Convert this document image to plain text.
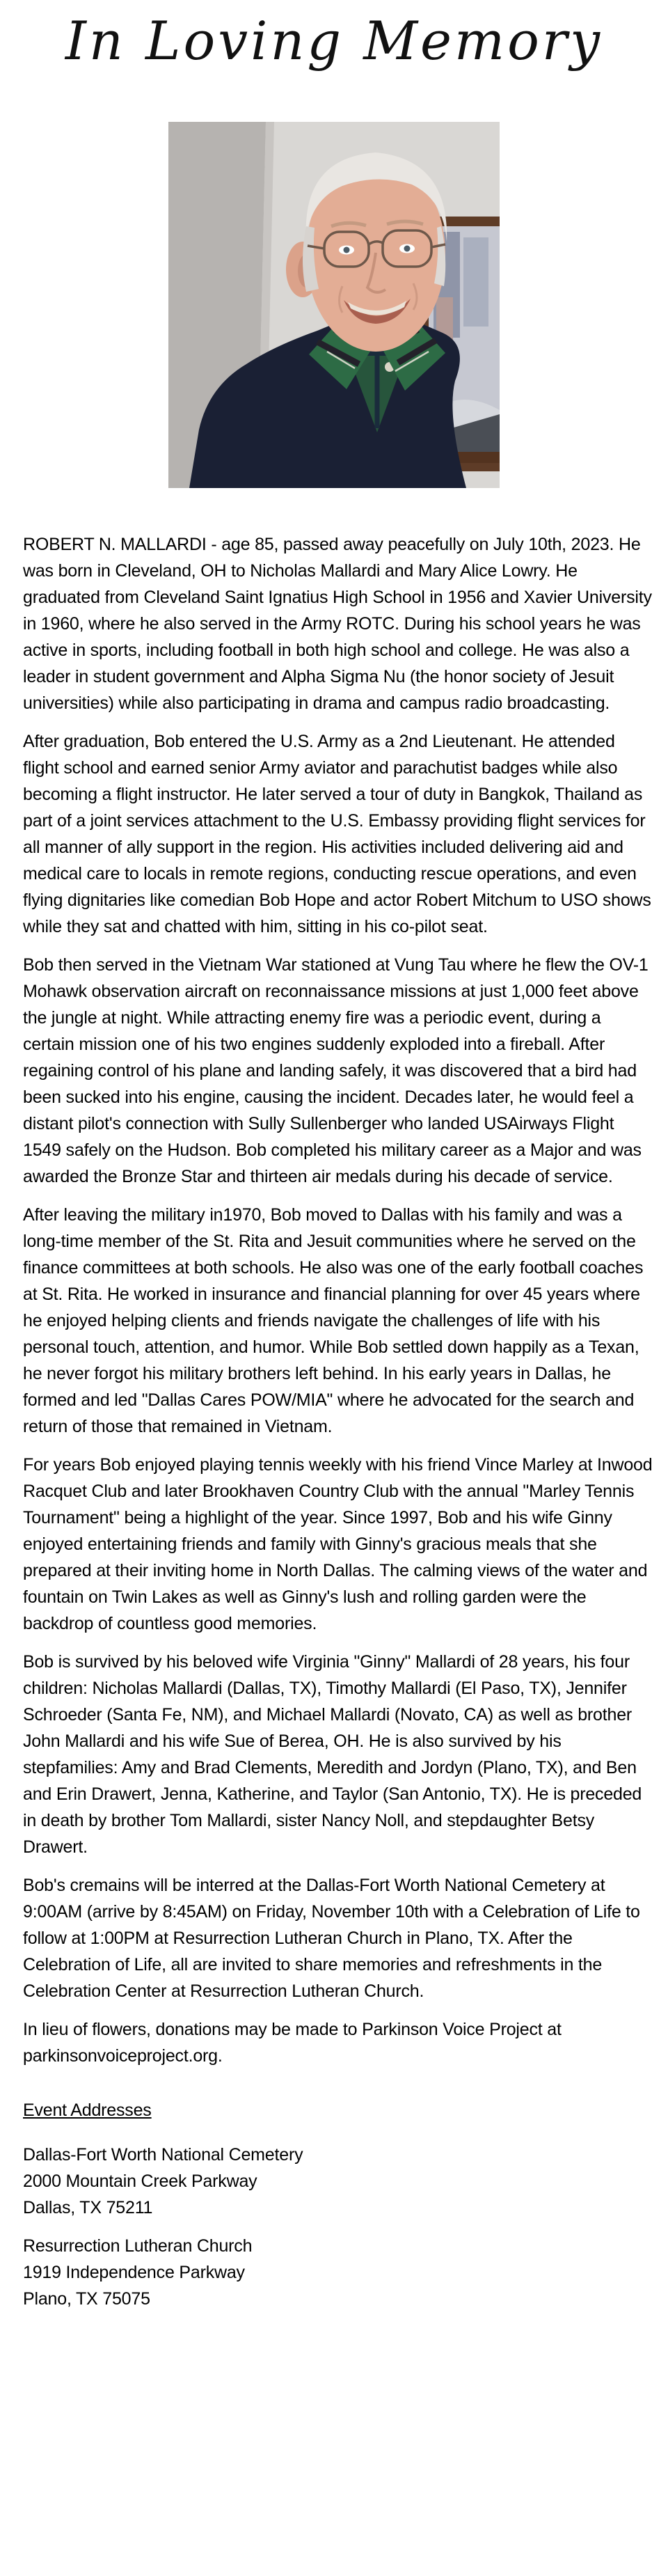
In Loving Memory

ROBERT N. MALLARDI - age 85, passed away peacefully on July 10th, 2023. He was born in Cleveland, OH to Nicholas Mallardi and Mary Alice Lowry. He graduated from Cleveland Saint Ignatius High School in 1956 and Xavier University in 1960, where he also served in the Army ROTC. During his school years he was active in sports, including football in both high school and college. He was also a leader in student government and Alpha Sigma Nu (the honor society of Jesuit universities) while also participating in drama and campus radio broadcasting.

After graduation, Bob entered the U.S. Army as a 2nd Lieutenant. He attended flight school and earned senior Army aviator and parachutist badges while also becoming a flight instructor. He later served a tour of duty in Bangkok, Thailand as part of a joint services attachment to the U.S. Embassy providing flight services for all manner of ally support in the region. His activities included delivering aid and medical care to locals in remote regions, conducting rescue operations, and even flying dignitaries like comedian Bob Hope and actor Robert Mitchum to USO shows while they sat and chatted with him, sitting in his co-pilot seat.

Bob then served in the Vietnam War stationed at Vung Tau where he flew the OV-1 Mohawk observation aircraft on reconnaissance missions at just 1,000 feet above the jungle at night. While attracting enemy fire was a periodic event, during a certain mission one of his two engines suddenly exploded into a fireball. After regaining control of his plane and landing safely, it was discovered that a bird had been sucked into his engine, causing the incident. Decades later, he would feel a distant pilot's connection with Sully Sullenberger who landed USAirways Flight 1549 safely on the Hudson. Bob completed his military career as a Major and was awarded the Bronze Star and thirteen air medals during his decade of service.

After leaving the military in1970, Bob moved to Dallas with his family and was a long-time member of the St. Rita and Jesuit communities where he served on the finance committees at both schools. He also was one of the early football coaches at St. Rita. He worked in insurance and financial planning for over 45 years where he enjoyed helping clients and friends navigate the challenges of life with his personal touch, attention, and humor. While Bob settled down happily as a Texan, he never forgot his military brothers left behind. In his early years in Dallas, he formed and led "Dallas Cares POW/MIA" where he advocated for the search and return of those that remained in Vietnam.

For years Bob enjoyed playing tennis weekly with his friend Vince Marley at Inwood Racquet Club and later Brookhaven Country Club with the annual "Marley Tennis Tournament" being a highlight of the year. Since 1997, Bob and his wife Ginny enjoyed entertaining friends and family with Ginny's gracious meals that she prepared at their inviting home in North Dallas. The calming views of the water and fountain on Twin Lakes as well as Ginny's lush and rolling garden were the backdrop of countless good memories.

Bob is survived by his beloved wife Virginia "Ginny" Mallardi of 28 years, his four children: Nicholas Mallardi (Dallas, TX), Timothy Mallardi (El Paso, TX), Jennifer Schroeder (Santa Fe, NM), and Michael Mallardi (Novato, CA) as well as brother John Mallardi and his wife Sue of Berea, OH. He is also survived by his stepfamilies: Amy and Brad Clements, Meredith and Jordyn (Plano, TX), and Ben and Erin Drawert, Jenna, Katherine, and Taylor (San Antonio, TX). He is preceded in death by brother Tom Mallardi, sister Nancy Noll, and stepdaughter Betsy Drawert.

Bob's cremains will be interred at the Dallas-Fort Worth National Cemetery at 9:00AM (arrive by 8:45AM) on Friday, November 10th with a Celebration of Life to follow at 1:00PM at Resurrection Lutheran Church in Plano, TX. After the Celebration of Life, all are invited to share memories and refreshments in the Celebration Center at Resurrection Lutheran Church.

In lieu of flowers, donations may be made to Parkinson Voice Project at parkinsonvoiceproject.org.

Event Addresses
Dallas-Fort Worth National Cemetery
2000 Mountain Creek Parkway
Dallas, TX 75211
Resurrection Lutheran Church
1919 Independence Parkway
Plano, TX 75075
